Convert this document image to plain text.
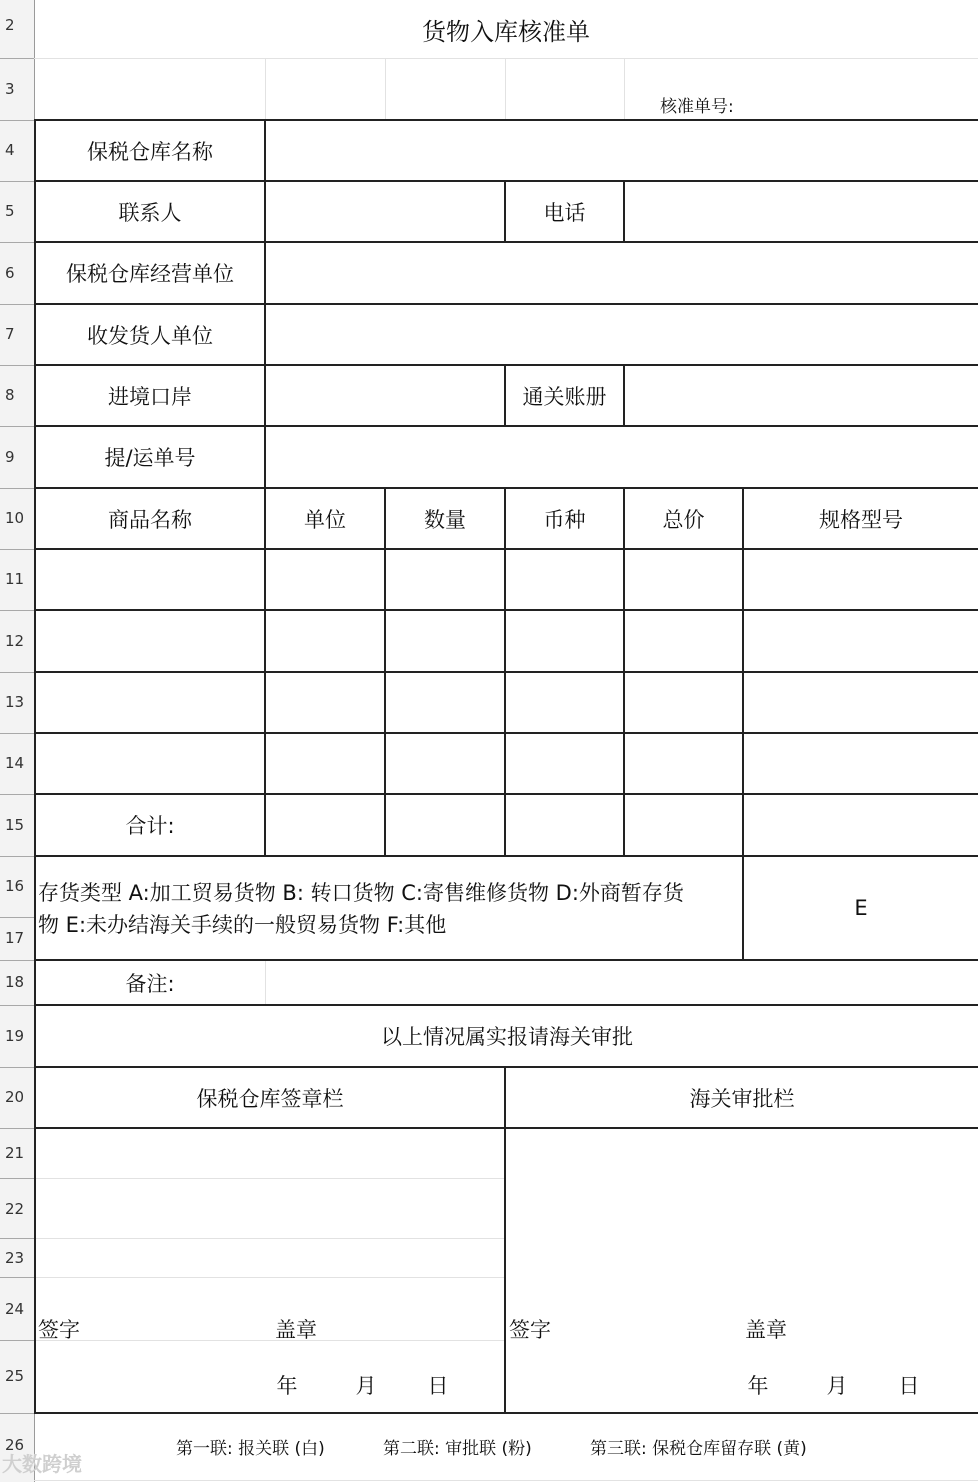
2
3
4
5
6
7
8
9
10
11
12
13
14
15
16
17
18
19
20
21
22
23
24
25
26
货物入库核准单
核准单号:
保税仓库名称
联系人	电话
保税仓库经营单位
收发货人单位
进境口岸	通关账册
提/运单号
商品名称	单位	数量	币种	总价	规格型号
合计:
存货类型 A:加工贸易货物 B: 转口货物 C:寄售维修货物 D:外商暂存货
物 E:未办结海关手续的一般贸易货物 F:其他
E
备注:
以上情况属实报请海关审批
保税仓库签章栏	海关审批栏
签字	盖章
年	月 日
签字	盖章
年	月 日
第一联: 报关联 (白)	第二联: 审批联 (粉)	第三联: 保税仓库留存联 (黄)
大数跨境
